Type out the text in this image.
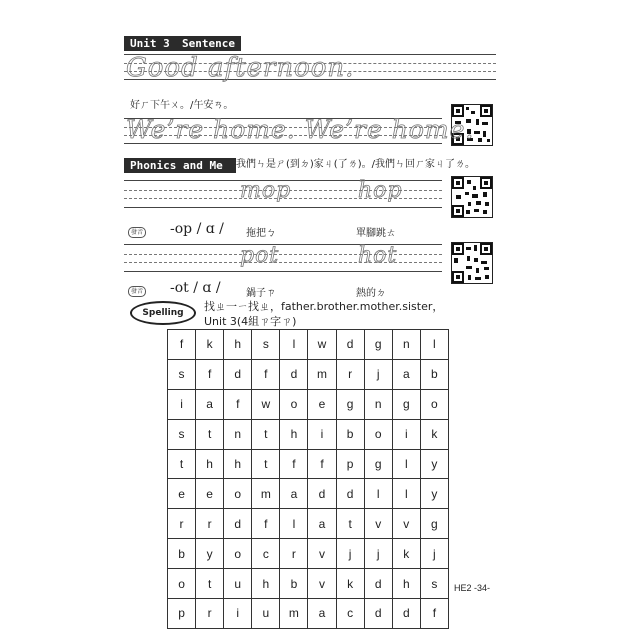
Unit 3	Sentence
Good afternoon.
好ㄏ下午ㄨ。/午安ㄢ。
We’re home. We’re home.
Phonics and Me	我們ㄣ是ㄕ(到ㄉ)家ㄐ(了ㄌ)。/我們ㄣ回ㄏ家ㄐ了ㄌ。
mop	hop
發音 -op / ɑ / 拖把ㄅ	單腳跳ㄊ
pot	hot
發音 -ot / ɑ /	鍋子ㄗ	熱的ㄉ
Spelling	找ㄓ一ㄧ找ㄓ，father.brother.mother.sister，
Unit 3(4組ㄗ字ㄗ)
f	k	h	s	l	w	d	g	n	l
s	f	d	f	d	m	r	j	a	b
i	a	f	w	o	e	g	n	g	o
s	t	n	t	h	i	b	o	i	k
t	h	h	t	f	f	p	g	l	y
e	e	o	m	a	d	d	l	l	y
r	r	d	f	l	a	t	v	v	g
b	y	o	c	r	v	j	j	k	j
o	t	u	h	b	v	k	d	h	s
p	r	i	u	m	a	c	d	d	f
HE2 -34-
